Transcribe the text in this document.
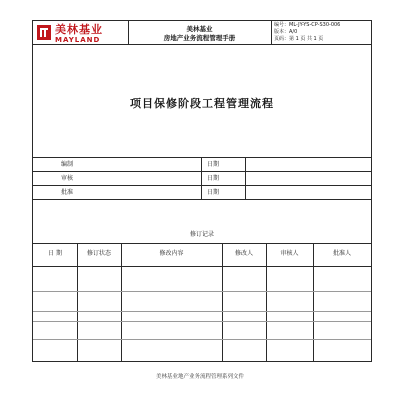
美林基业
MAYLAND
美林基业
房地产业务流程管理手册
编号：ML-JY-YS-CP-S30-006
版本：A/0
页码：第 1 页 共 1 页
项目保修阶段工程管理流程
编制	日期
审核	日期
批准	日期
修订记录
日 期	修订状态	修改内容	修改人	审核人	批准人
美林基业地产业务流程管理系列文件
